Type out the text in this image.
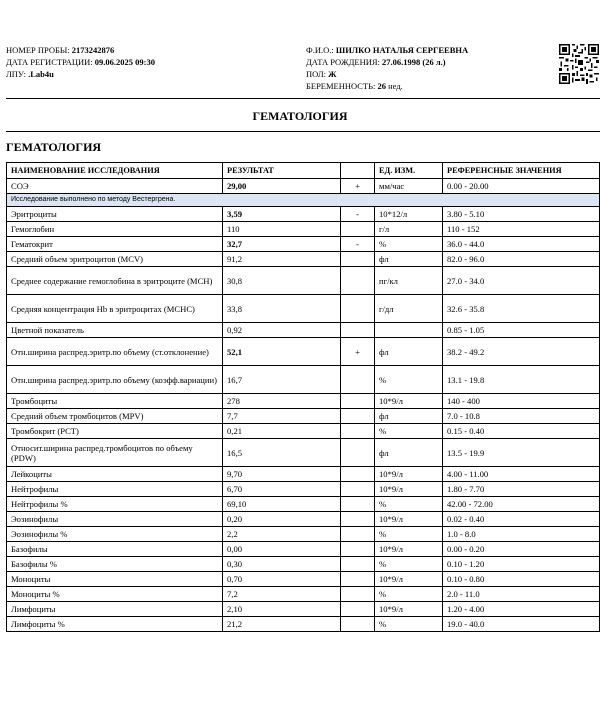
НОМЕР ПРОБЫ: 2173242876
ДАТА РЕГИСТРАЦИИ: 09.06.2025 09:30
ЛПУ: .Lab4u
Ф.И.О.: ШИЛКО НАТАЛЬЯ СЕРГЕЕВНА
ДАТА РОЖДЕНИЯ: 27.06.1998 (26 л.)
ПОЛ: Ж
БЕРЕМЕННОСТЬ: 26 нед.
ГЕМАТОЛОГИЯ
ГЕМАТОЛОГИЯ
НАИМЕНОВАНИЕ ИССЛЕДОВАНИЯ	РЕЗУЛЬТАТ		ЕД. ИЗМ.	РЕФЕРЕНСНЫЕ ЗНАЧЕНИЯ
СОЭ	29,00	+	мм/час	0.00 - 20.00
Исследование выполнено по методу Вестергрена.				
Эритроциты	3,59	-	10*12/л	3.80 - 5.10
Гемоглобин	110		г/л	110 - 152
Гематокрит	32,7	-	%	36.0 - 44.0
Средний объем эритроцитов (MCV)	91,2		фл	82.0 - 96.0
Среднее содержание гемоглобина в эритроците (MCH)	30,8		пг/кл	27.0 - 34.0
Средняя концентрация Hb в эритроцитах (MCHC)	33,8		г/дл	32.6 - 35.8
Цветной показатель	0,92			0.85 - 1.05
Отн.ширина распред.эритр.по объему (ст.отклонение)	52,1	+	фл	38.2 - 49.2
Отн.ширина распред.эритр.по объему (коэфф.вариации)	16,7		%	13.1 - 19.8
Тромбоциты	278		10*9/л	140 - 400
Средний объем тромбоцитов (MPV)	7,7		фл	7.0 - 10.8
Тромбокрит (PCT)	0,21		%	0.15 - 0.40
Относит.ширина распред.тромбоцитов по объему (PDW)	16,5		фл	13.5 - 19.9
Лейкоциты	9,70		10*9/л	4.00 - 11.00
Нейтрофилы	6,70		10*9/л	1.80 - 7.70
Нейтрофилы %	69,10		%	42.00 - 72.00
Эозинофилы	0,20		10*9/л	0.02 - 0.40
Эозинофилы %	2,2		%	1.0 - 8.0
Базофилы	0,00		10*9/л	0.00 - 0.20
Базофилы %	0,30		%	0.10 - 1.20
Моноциты	0,70		10*9/л	0.10 - 0.80
Моноциты %	7,2		%	2.0 - 11.0
Лимфоциты	2,10		10*9/л	1.20 - 4.00
Лимфоциты %	21,2		%	19.0 - 40.0
